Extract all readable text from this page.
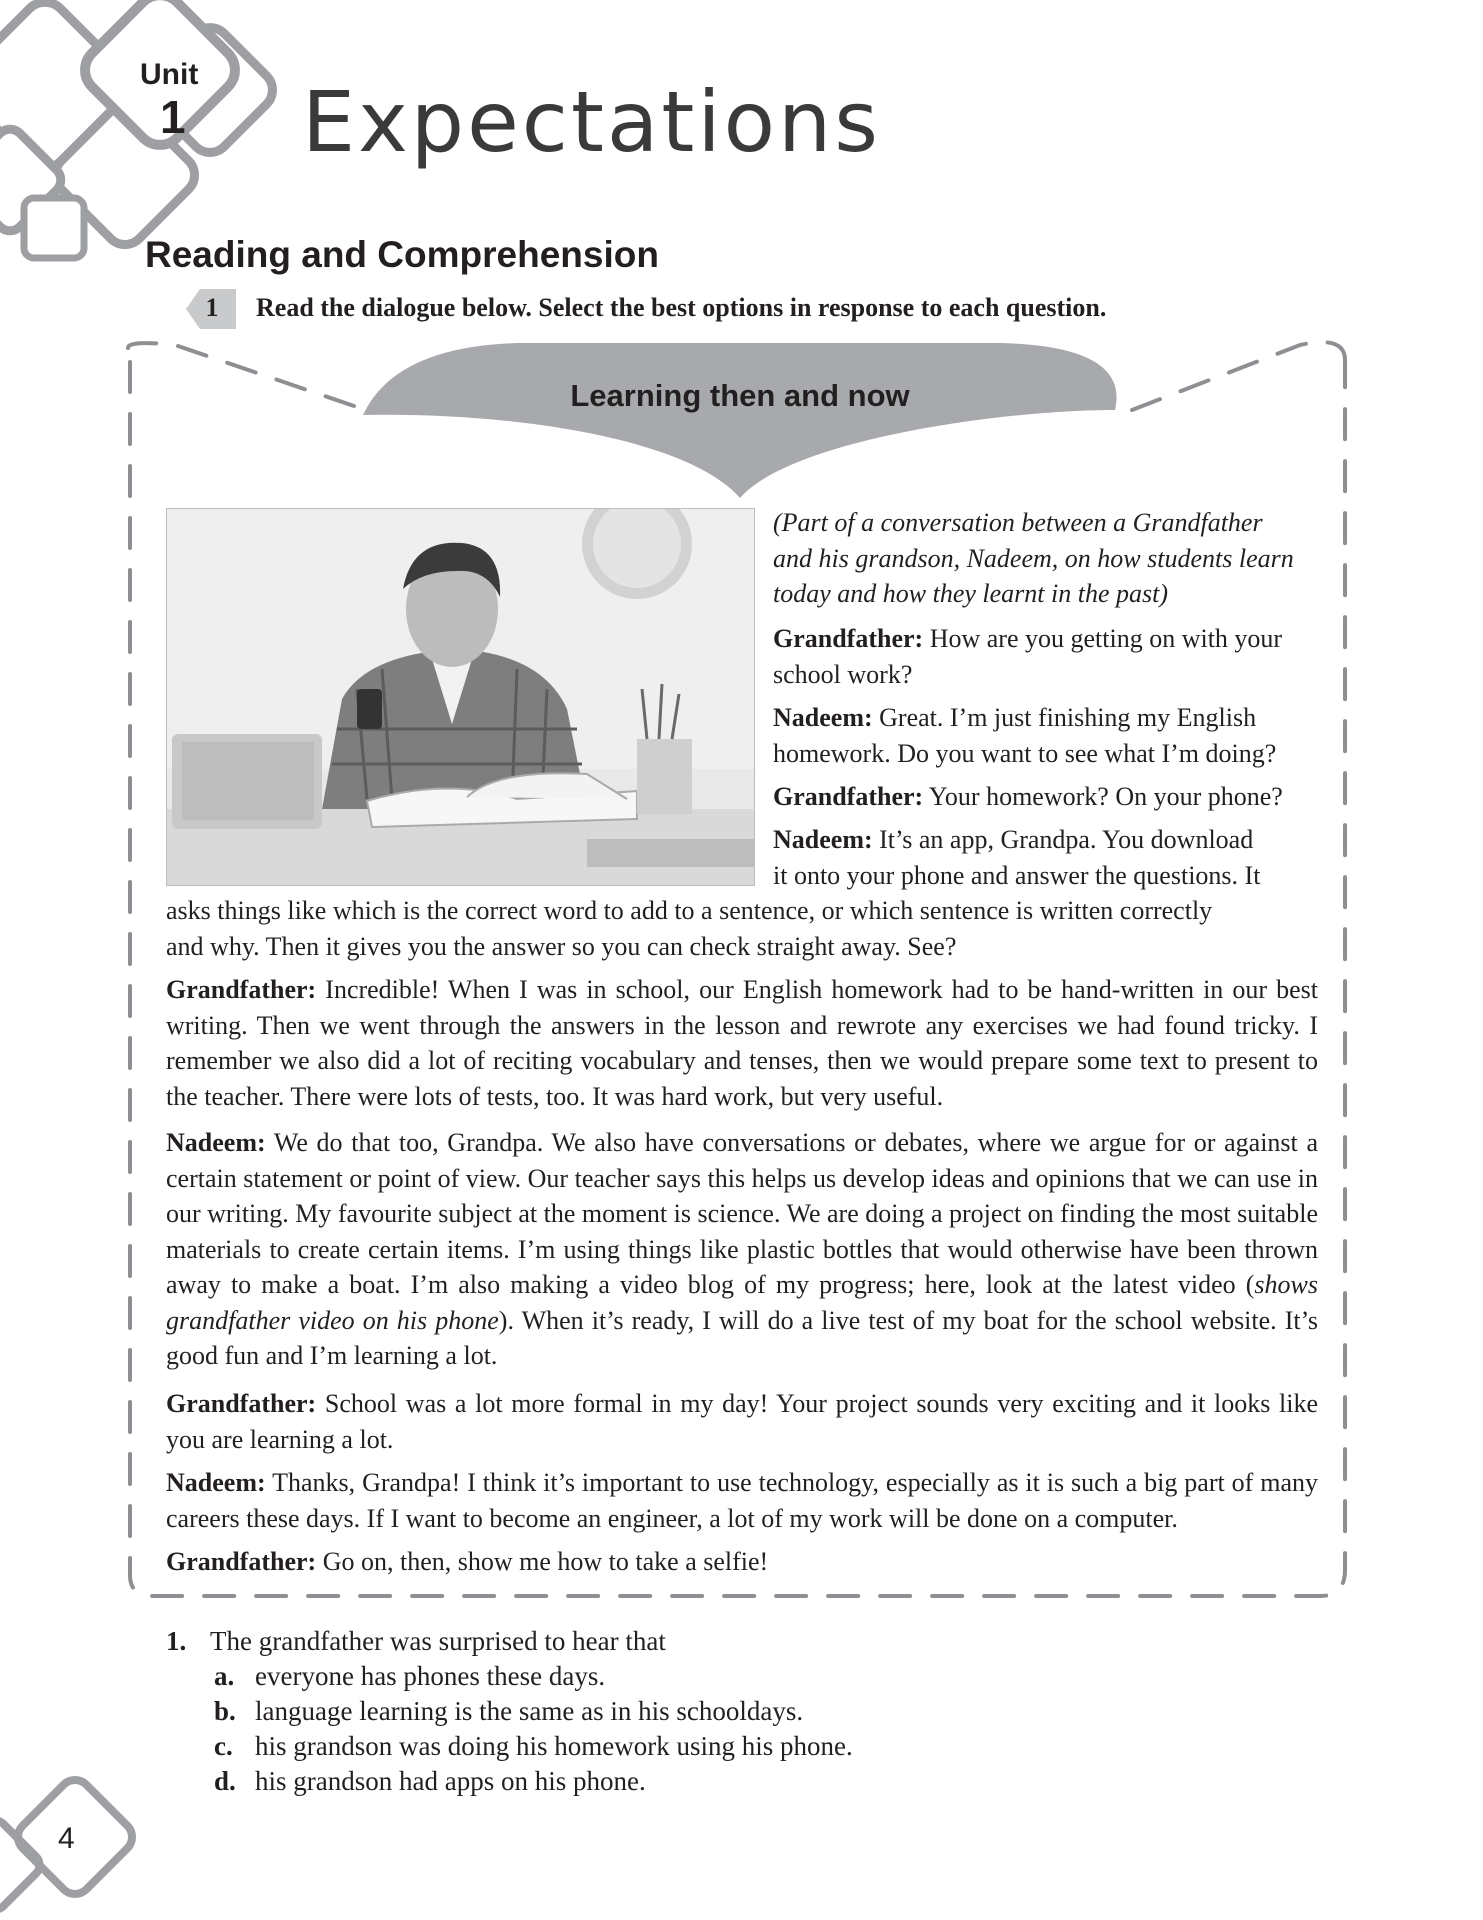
Unit
1 Expectations
Reading and Comprehension
1 Read the dialogue below. Select the best options in response to each question.
Learning then and now
(Part of a conversation between a Grandfather
and his grandson, Nadeem, on how students learn
today and how they learnt in the past)
Grandfather: How are you getting on with your
school work?
Nadeem: Great. I’m just finishing my English
homework. Do you want to see what I’m doing?
Grandfather: Your homework? On your phone?
Nadeem: It’s an app, Grandpa. You download
it onto your phone and answer the questions. It
asks things like which is the correct word to add to a sentence, or which sentence is written correctly
and why. Then it gives you the answer so you can check straight away. See?
Grandfather: Incredible! When I was in school, our English homework had to be hand-written in our best writing. Then we went through the answers in the lesson and rewrote any exercises we had found tricky. I remember we also did a lot of reciting vocabulary and tenses, then we would prepare some text to present to the teacher. There were lots of tests, too. It was hard work, but very useful.
Nadeem: We do that too, Grandpa. We also have conversations or debates, where we argue for or against a certain statement or point of view. Our teacher says this helps us develop ideas and opinions that we can use in our writing. My favourite subject at the moment is science. We are doing a project on finding the most suitable materials to create certain items. I’m using things like plastic bottles that would otherwise have been thrown away to make a boat. I’m also making a video blog of my progress; here, look at the latest video (shows grandfather video on his phone). When it’s ready, I will do a live test of my boat for the school website. It’s good fun and I’m learning a lot.
Grandfather: School was a lot more formal in my day! Your project sounds very exciting and it looks like you are learning a lot.
Nadeem: Thanks, Grandpa! I think it’s important to use technology, especially as it is such a big part of many careers these days. If I want to become an engineer, a lot of my work will be done on a computer.
Grandfather: Go on, then, show me how to take a selfie!
1. The grandfather was surprised to hear that
a. everyone has phones these days.
b. language learning is the same as in his schooldays.
c. his grandson was doing his homework using his phone.
d. his grandson had apps on his phone.
4
